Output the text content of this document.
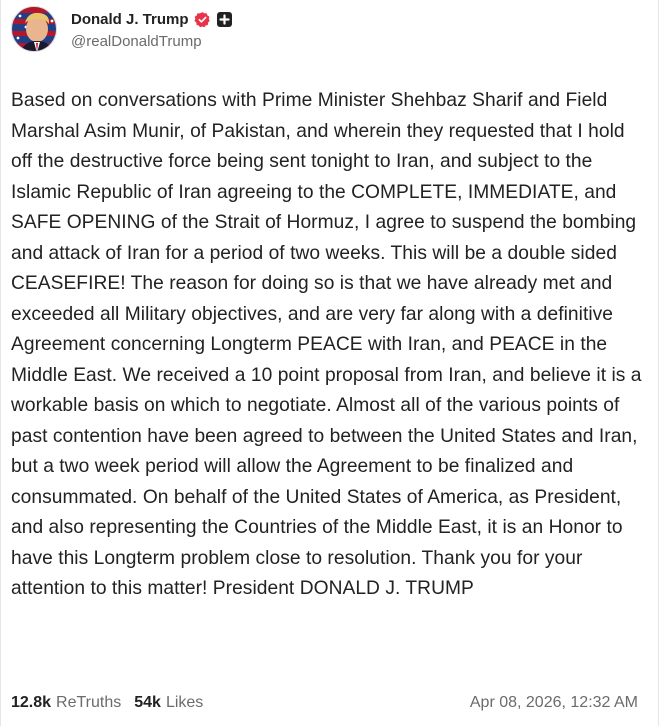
Donald J. Trump
@realDonaldTrump
Based on conversations with Prime Minister Shehbaz Sharif and Field Marshal Asim Munir, of Pakistan, and wherein they requested that I hold off the destructive force being sent tonight to Iran, and subject to the Islamic Republic of Iran agreeing to the COMPLETE, IMMEDIATE, and SAFE OPENING of the Strait of Hormuz, I agree to suspend the bombing and attack of Iran for a period of two weeks. This will be a double sided CEASEFIRE! The reason for doing so is that we have already met and exceeded all Military objectives, and are very far along with a definitive Agreement concerning Longterm PEACE with Iran, and PEACE in the Middle East. We received a 10 point proposal from Iran, and believe it is a workable basis on which to negotiate. Almost all of the various points of past contention have been agreed to between the United States and Iran, but a two week period will allow the Agreement to be finalized and consummated. On behalf of the United States of America, as President, and also representing the Countries of the Middle East, it is an Honor to have this Longterm problem close to resolution. Thank you for your attention to this matter! President DONALD J. TRUMP
12.8k ReTruths 54k Likes	Apr 08, 2026, 12:32 AM
